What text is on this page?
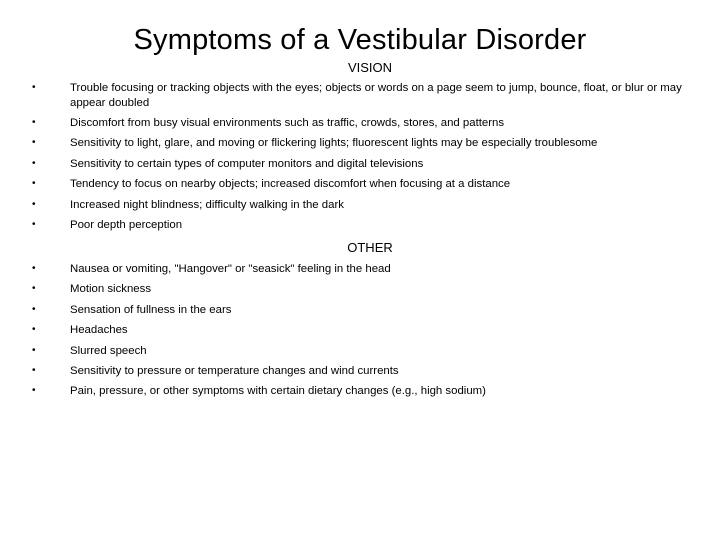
Symptoms of a Vestibular Disorder
VISION
•	Trouble focusing or tracking objects with the eyes; objects or words on a page seem to jump, bounce, float, or blur or may appear doubled
•	Discomfort from busy visual environments such as traffic, crowds, stores, and patterns
•	Sensitivity to light, glare, and moving or flickering lights; fluorescent lights may be especially troublesome
•	Sensitivity to certain types of computer monitors and digital televisions
•	Tendency to focus on nearby objects; increased discomfort when focusing at a distance
•	Increased night blindness; difficulty walking in the dark
•	Poor depth perception
OTHER
•	Nausea or vomiting, "Hangover" or "seasick" feeling in the head
•	Motion sickness
•	Sensation of fullness in the ears
•	Headaches
•	Slurred speech
•	Sensitivity to pressure or temperature changes and wind currents
•	Pain, pressure, or other symptoms with certain dietary changes (e.g., high sodium)
